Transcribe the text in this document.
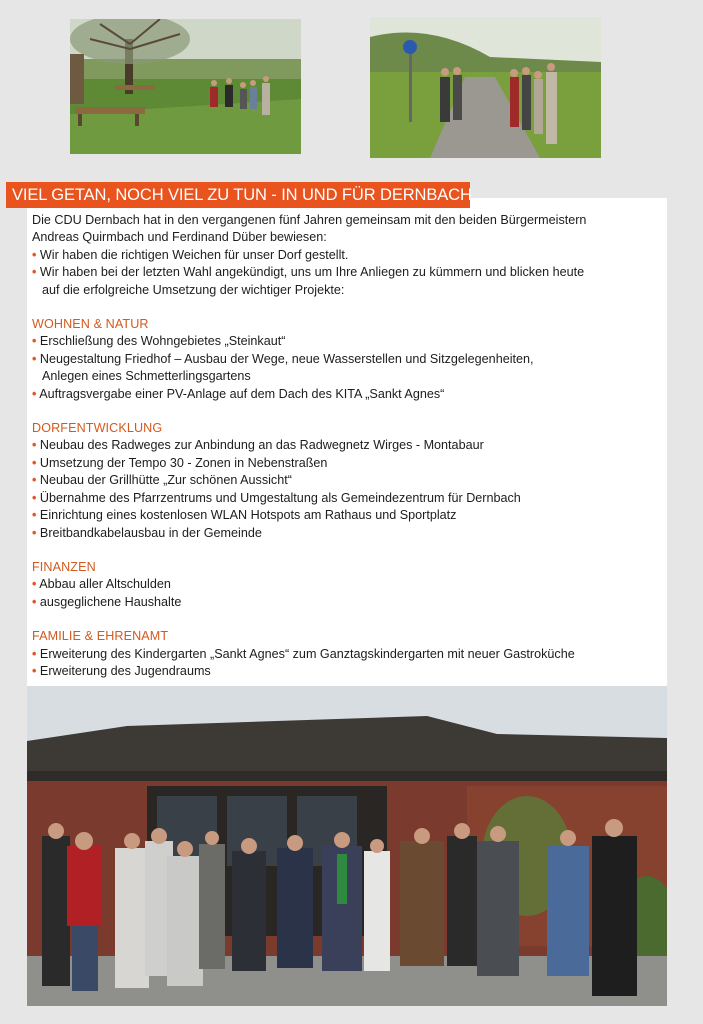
VIEL GETAN, NOCH VIEL ZU TUN - IN UND FÜR DERNBACH

Die CDU Dernbach hat in den vergangenen fünf Jahren gemeinsam mit den beiden Bürgermeistern

Andreas Quirmbach und Ferdinand Düber bewiesen:

• Wir haben die richtigen Weichen für unser Dorf gestellt.

• Wir haben bei der letzten Wahl angekündigt, uns um Ihre Anliegen zu kümmern und blicken heute

auf die erfolgreiche Umsetzung der wichtiger Projekte:

WOHNEN & NATUR

• Erschließung des Wohngebietes „Steinkaut“
• Neugestaltung Friedhof – Ausbau der Wege, neue Wasserstellen und Sitzgelegenheiten,
Anlegen eines Schmetterlingsgartens
• Auftragsvergabe einer PV-Anlage auf dem Dach des KITA „Sankt Agnes“

DORFENTWICKLUNG

• Neubau des Radweges zur Anbindung an das Radwegnetz Wirges - Montabaur
• Umsetzung der Tempo 30 - Zonen in Nebenstraßen
• Neubau der Grillhütte „Zur schönen Aussicht“
• Übernahme des Pfarrzentrums und Umgestaltung als Gemeindezentrum für Dernbach
• Einrichtung eines kostenlosen WLAN Hotspots am Rathaus und Sportplatz
• Breitbandkabelausbau in der Gemeinde

FINANZEN

• Abbau aller Altschulden
• ausgeglichene Haushalte

FAMILIE & EHRENAMT

• Erweiterung des Kindergarten „Sankt Agnes“ zum Ganztagskindergarten mit neuer Gastroküche
• Erweiterung des Jugendraums
